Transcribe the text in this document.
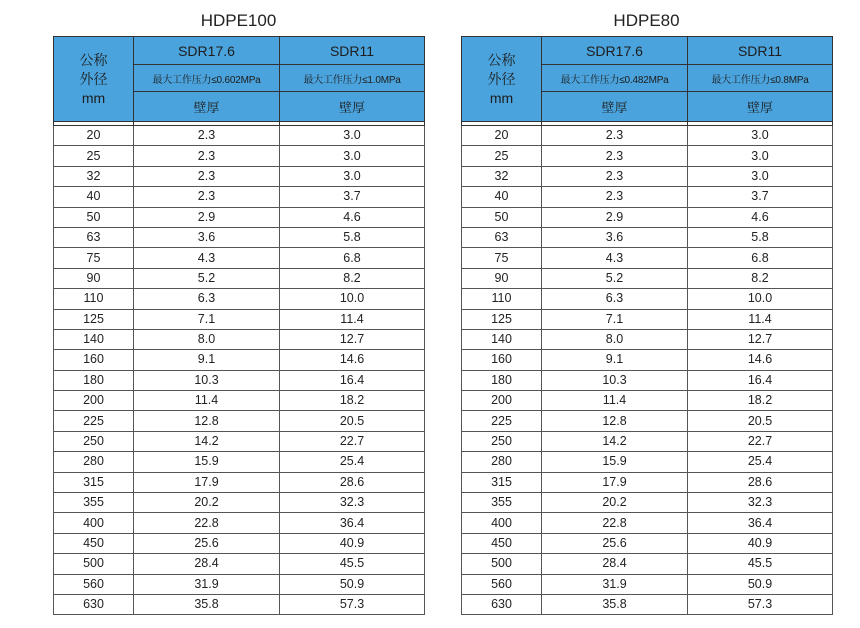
HDPE100
公称
外径
mm	SDR17.6	SDR11
	最大工作压力≤0.602MPa	最大工作压力≤1.0MPa
	壁厚	壁厚

20	2.3	3.0
25	2.3	3.0
32	2.3	3.0
40	2.3	3.7
50	2.9	4.6
63	3.6	5.8
75	4.3	6.8
90	5.2	8.2
110	6.3	10.0
125	7.1	11.4
140	8.0	12.7
160	9.1	14.6
180	10.3	16.4
200	11.4	18.2
225	12.8	20.5
250	14.2	22.7
280	15.9	25.4
315	17.9	28.6
355	20.2	32.3
400	22.8	36.4
450	25.6	40.9
500	28.4	45.5
560	31.9	50.9
630	35.8	57.3
HDPE80
公称
外径
mm	SDR17.6	SDR11
	最大工作压力≤0.482MPa	最大工作压力≤0.8MPa
	壁厚	壁厚

20	2.3	3.0
25	2.3	3.0
32	2.3	3.0
40	2.3	3.7
50	2.9	4.6
63	3.6	5.8
75	4.3	6.8
90	5.2	8.2
110	6.3	10.0
125	7.1	11.4
140	8.0	12.7
160	9.1	14.6
180	10.3	16.4
200	11.4	18.2
225	12.8	20.5
250	14.2	22.7
280	15.9	25.4
315	17.9	28.6
355	20.2	32.3
400	22.8	36.4
450	25.6	40.9
500	28.4	45.5
560	31.9	50.9
630	35.8	57.3
